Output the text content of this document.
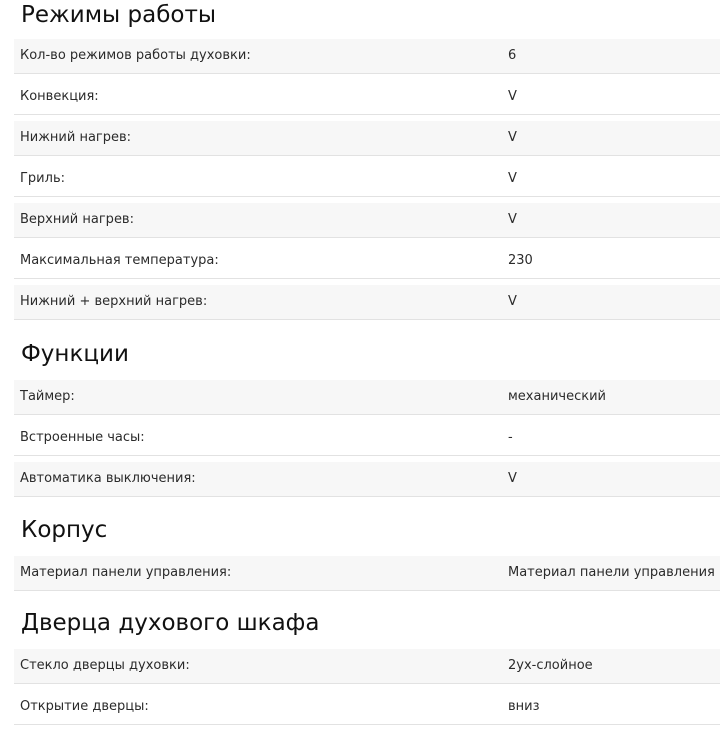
Режимы работы
Кол-во режимов работы духовки:	6
Конвекция:	V
Нижний нагрев:	V
Гриль:	V
Верхний нагрев:	V
Максимальная температура:	230
Нижний + верхний нагрев:	V
Функции
Таймер:	механический
Встроенные часы:	-
Автоматика выключения:	V
Корпус
Материал панели управления:	Материал панели управления
Дверца духового шкафа
Стекло дверцы духовки:	2ух-слойное
Открытие дверцы:	вниз
